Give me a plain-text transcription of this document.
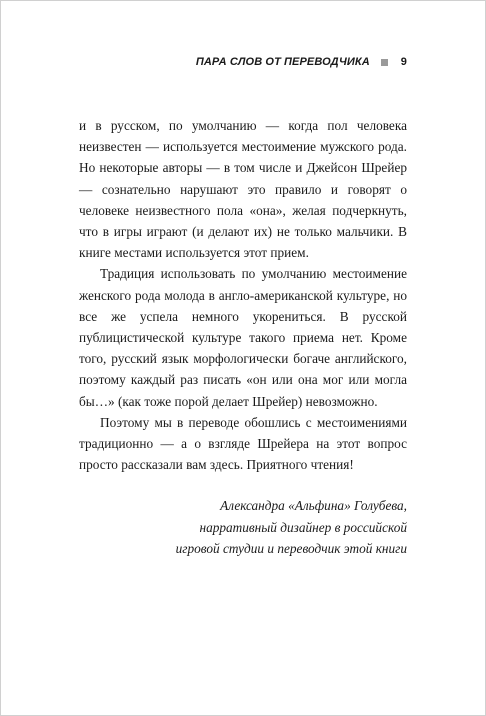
ПАРА СЛОВ ОТ ПЕРЕВОДЧИКА	9

и в русском, по умолчанию — когда пол человека неизвестен — используется местоимение мужского рода. Но некоторые авторы — в том числе и Джейсон Шрейер — сознательно нарушают это правило и говорят о человеке неизвестного пола «она», желая подчеркнуть, что в игры играют (и делают их) не только мальчики. В книге местами используется этот прием.

Традиция использовать по умолчанию местоимение женского рода молода в англо-американской культуре, но все же успела немного укорениться. В русской публицистической культуре такого приема нет. Кроме того, русский язык морфологически богаче английского, поэтому каждый раз писать «он или она мог или могла бы…» (как тоже порой делает Шрейер) невозможно.

Поэтому мы в переводе обошлись с местоимениями традиционно — а о взгляде Шрейера на этот вопрос просто рассказали вам здесь. Приятного чтения!

Александра «Альфина» Голубева,
нарративный дизайнер в российской
игровой студии и переводчик этой книги
